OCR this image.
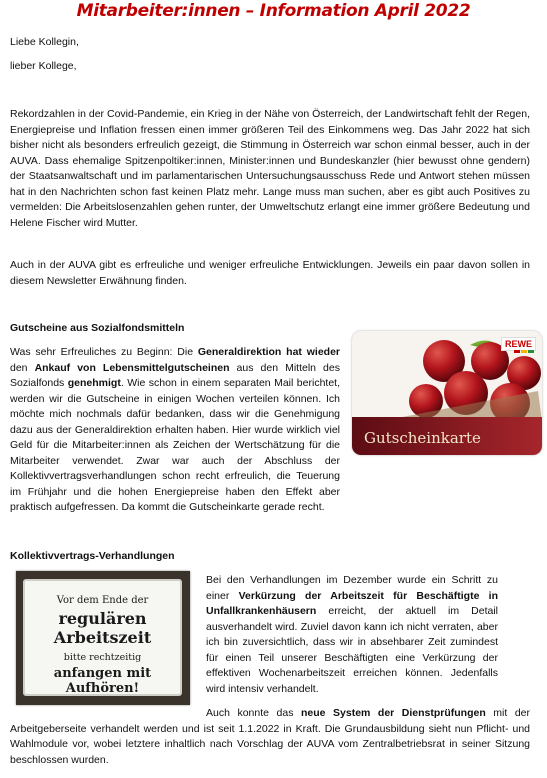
Mitarbeiter:innen – Information April 2022

Liebe Kollegin,

lieber Kollege,

Rekordzahlen in der Covid-Pandemie, ein Krieg in der Nähe von Österreich, der Landwirtschaft fehlt der Regen, Energiepreise und Inflation fressen einen immer größeren Teil des Einkommens weg. Das Jahr 2022 hat sich bisher nicht als besonders erfreulich gezeigt, die Stimmung in Österreich war schon einmal besser, auch in der AUVA. Dass ehemalige Spitzenpoltiker:innen, Minister:innen und Bundeskanzler (hier bewusst ohne gendern) der Staatsanwaltschaft und im parlamentarischen Untersuchungsausschuss Rede und Antwort stehen müssen hat in den Nachrichten schon fast keinen Platz mehr. Lange muss man suchen, aber es gibt auch Positives zu vermelden: Die Arbeitslosenzahlen gehen runter, der Umweltschutz erlangt eine immer größere Bedeutung und Helene Fischer wird Mutter.

Auch in der AUVA gibt es erfreuliche und weniger erfreuliche Entwicklungen. Jeweils ein paar davon sollen in diesem Newsletter Erwähnung finden.

Gutscheine aus Sozialfondsmitteln

Gutscheinkarte
REWE

Was sehr Erfreuliches zu Beginn: Die Generaldirektion hat wieder den Ankauf von Lebensmittelgutscheinen aus den Mitteln des Sozialfonds genehmigt. Wie schon in einem separaten Mail berichtet, werden wir die Gutscheine in einigen Wochen verteilen können. Ich möchte mich nochmals dafür bedanken, dass wir die Genehmigung dazu aus der Generaldirektion erhalten haben. Hier wurde wirklich viel Geld für die Mitarbeiter:innen als Zeichen der Wertschätzung für die Mitarbeiter verwendet. Zwar war auch der Abschluss der Kollektivvertragsverhandlungen schon recht erfreulich, die Teuerung im Frühjahr und die hohen Energiepreise haben den Effekt aber praktisch aufgefressen. Da kommt die Gutscheinkarte gerade recht.

Kollektivvertrags-Verhandlungen

Vor dem Ende der
regulären Arbeitszeit
bitte rechtzeitig
anfangen mit Aufhören!

Bei den Verhandlungen im Dezember wurde ein Schritt zu einer Verkürzung der Arbeitszeit für Beschäftigte in Unfallkrankenhäusern erreicht, der aktuell im Detail ausverhandelt wird. Zuviel davon kann ich nicht verraten, aber ich bin zuversichtlich, dass wir in absehbarer Zeit zumindest für einen Teil unserer Beschäftigten eine Verkürzung der effektiven Wochenarbeitszeit erreichen können. Jedenfalls wird intensiv verhandelt.

Auch konnte das neue System der Dienstprüfungen mit der Arbeitgeberseite verhandelt werden und ist seit 1.1.2022 in Kraft. Die Grundausbildung sieht nun Pflicht- und Wahlmodule vor, wobei letztere inhaltlich nach Vorschlag der AUVA vom Zentralbetriebsrat in seiner Sitzung beschlossen wurden.
